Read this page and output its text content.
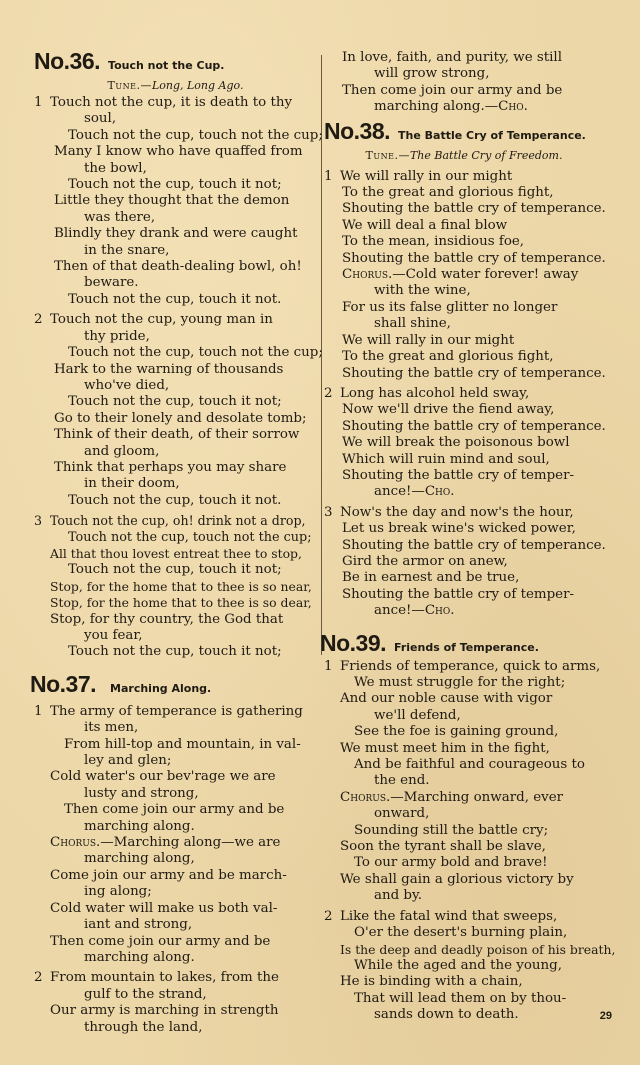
No.36. Touch not the Cup.
Tune.—Long, Long Ago.
1 Touch not the cup, it is death to thy
soul,
Touch not the cup, touch not the cup;
Many I know who have quaffed from
the bowl,
Touch not the cup, touch it not;
Little they thought that the demon
was there,
Blindly they drank and were caught
in the snare,
Then of that death-dealing bowl, oh!
beware.
Touch not the cup, touch it not.
2 Touch not the cup, young man in
thy pride,
Touch not the cup, touch not the cup;
Hark to the warning of thousands
who've died,
Touch not the cup, touch it not;
Go to their lonely and desolate tomb;
Think of their death, of their sorrow
and gloom,
Think that perhaps you may share
in their doom,
Touch not the cup, touch it not.
3 Touch not the cup, oh! drink not a drop,
Touch not the cup, touch not the cup;
All that thou lovest entreat thee to stop,
Touch not the cup, touch it not;
Stop, for the home that to thee is so near,
Stop, for the home that to thee is so dear,
Stop, for thy country, the God that
you fear,
Touch not the cup, touch it not;
No.37. Marching Along.
1 The army of temperance is gathering
its men,
From hill-top and mountain, in val-
ley and glen;
Cold water's our bev'rage we are
lusty and strong,
Then come join our army and be
marching along.
Chorus.—Marching along—we are
marching along,
Come join our army and be march-
ing along;
Cold water will make us both val-
iant and strong,
Then come join our army and be
marching along.
2 From mountain to lakes, from the
gulf to the strand,
Our army is marching in strength
through the land,
In love, faith, and purity, we still
will grow strong,
Then come join our army and be
marching along.—Cho.
No.38. The Battle Cry of Temperance.
Tune.—The Battle Cry of Freedom.
1 We will rally in our might
To the great and glorious fight,
Shouting the battle cry of temperance.
We will deal a final blow
To the mean, insidious foe,
Shouting the battle cry of temperance.
Chorus.—Cold water forever! away
with the wine,
For us its false glitter no longer
shall shine,
We will rally in our might
To the great and glorious fight,
Shouting the battle cry of temperance.
2 Long has alcohol held sway,
Now we'll drive the fiend away,
Shouting the battle cry of temperance.
We will break the poisonous bowl
Which will ruin mind and soul,
Shouting the battle cry of temper-
ance!—Cho.
3 Now's the day and now's the hour,
Let us break wine's wicked power,
Shouting the battle cry of temperance.
Gird the armor on anew,
Be in earnest and be true,
Shouting the battle cry of temper-
ance!—Cho.
No.39. Friends of Temperance.
1 Friends of temperance, quick to arms,
We must struggle for the right;
And our noble cause with vigor
we'll defend,
See the foe is gaining ground,
We must meet him in the fight,
And be faithful and courageous to
the end.
Chorus.—Marching onward, ever
onward,
Sounding still the battle cry;
Soon the tyrant shall be slave,
To our army bold and brave!
We shall gain a glorious victory by
and by.
2 Like the fatal wind that sweeps,
O'er the desert's burning plain,
Is the deep and deadly poison of his breath,
While the aged and the young,
He is binding with a chain,
That will lead them on by thou-
sands down to death.	29
